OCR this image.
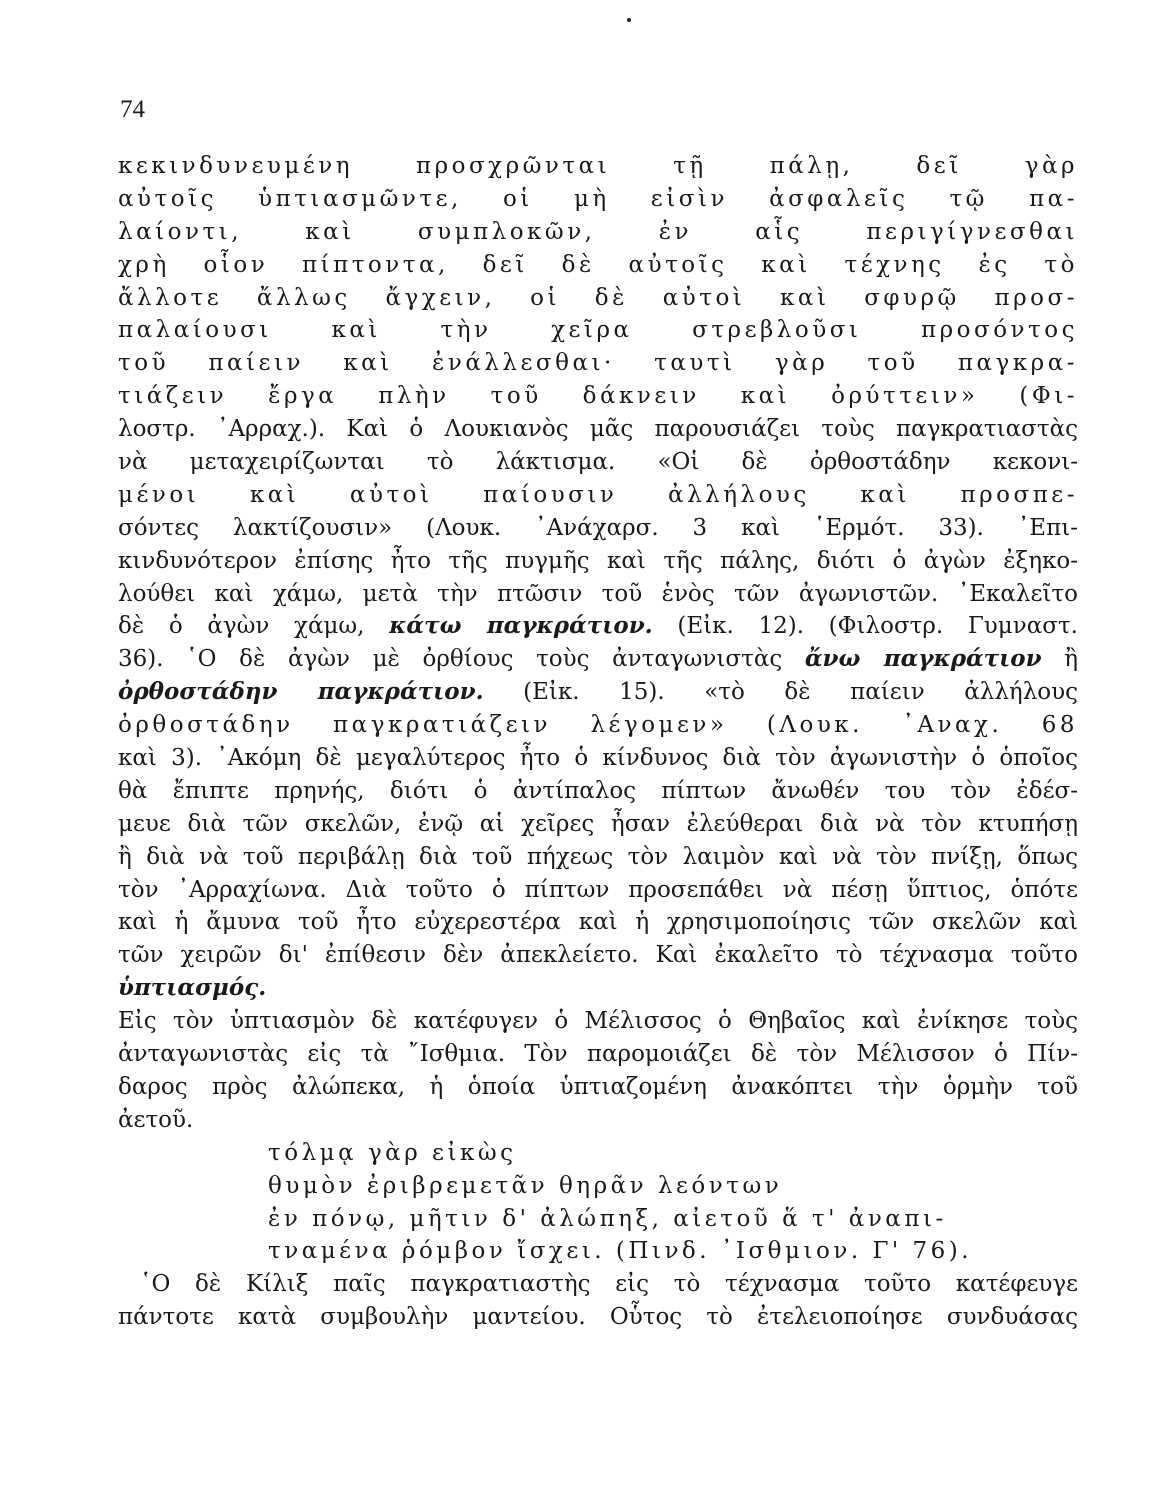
74
κεκινδυνευμένη προσχρῶνται τῇ πάλῃ, δεῖ γὰρ
αὐτοῖς ὑπτιασμῶντε, οἱ μὴ εἰσὶν ἀσφαλεῖς τῷ πα-
λαίοντι, καὶ συμπλοκῶν, ἐν αἷς περιγίγνεσθαι
χρὴ οἷον πίπτοντα, δεῖ δὲ αὐτοῖς καὶ τέχνης ἐς τὸ
ἄλλοτε ἄλλως ἄγχειν, οἱ δὲ αὐτοὶ καὶ σφυρῷ προσ-
παλαίουσι καὶ τὴν χεῖρα στρεβλοῦσι προσόντος
τοῦ παίειν καὶ ἐνάλλεσθαι· ταυτὶ γὰρ τοῦ παγκρα-
τιάζειν ἔργα πλὴν τοῦ δάκνειν καὶ ὀρύττειν» (Φι-
λοστρ. ᾿Αρραχ.). Καὶ ὁ Λουκιανὸς μᾶς παρουσιάζει τοὺς παγκρατιαστὰς
νὰ μεταχειρίζωνται τὸ λάκτισμα. «Οἱ δὲ ὀρθοστάδην κεκονι-
μένοι καὶ αὐτοὶ παίουσιν ἀλλήλους καὶ προσπε-
σόντες λακτίζουσιν» (Λουκ. ᾿Ανάχαρσ. 3 καὶ ῾Ερμότ. 33). ᾿Επι-
κινδυνότερον ἐπίσης ἦτο τῆς πυγμῆς καὶ τῆς πάλης, διότι ὁ ἀγὼν ἐξηκο-
λούθει καὶ χάμω, μετὰ τὴν πτῶσιν τοῦ ἑνὸς τῶν ἀγωνιστῶν. ᾿Εκαλεῖτο
δὲ ὁ ἀγὼν χάμω, κάτω παγκράτιον. (Εἰκ. 12). (Φιλοστρ. Γυμναστ.
36). ῾Ο δὲ ἀγὼν μὲ ὀρθίους τοὺς ἀνταγωνιστὰς ἄνω παγκράτιον ἢ
ὀρθοστάδην παγκράτιον. (Εἰκ. 15). «τὸ δὲ παίειν ἀλλήλους
ὀρθοστάδην παγκρατιάζειν λέγομεν» (Λουκ. ᾿Αναχ. 68
καὶ 3). ᾿Ακόμη δὲ μεγαλύτερος ἦτο ὁ κίνδυνος διὰ τὸν ἀγωνιστὴν ὁ ὁποῖος
θὰ ἔπιπτε πρηνής, διότι ὁ ἀντίπαλος πίπτων ἄνωθέν του τὸν ἐδέσ-
μευε διὰ τῶν σκελῶν, ἐνῷ αἱ χεῖρες ἦσαν ἐλεύθεραι διὰ νὰ τὸν κτυπήσῃ
ἢ διὰ νὰ τοῦ περιβάλῃ διὰ τοῦ πήχεως τὸν λαιμὸν καὶ νὰ τὸν πνίξῃ, ὅπως
τὸν ᾿Αρραχίωνα. Διὰ τοῦτο ὁ πίπτων προσεπάθει νὰ πέσῃ ὕπτιος, ὁπότε
καὶ ἡ ἄμυνα τοῦ ἦτο εὐχερεστέρα καὶ ἡ χρησιμοποίησις τῶν σκελῶν καὶ
τῶν χειρῶν δι' ἐπίθεσιν δὲν ἀπεκλείετο. Καὶ ἐκαλεῖτο τὸ τέχνασμα τοῦτο
ὑπτιασμός.
Εἰς τὸν ὑπτιασμὸν δὲ κατέφυγεν ὁ Μέλισσος ὁ Θηβαῖος καὶ ἐνίκησε τοὺς
ἀνταγωνιστὰς εἰς τὰ ῎Ισθμια. Τὸν παρομοιάζει δὲ τὸν Μέλισσον ὁ Πίν-
δαρος πρὸς ἀλώπεκα, ἡ ὁποία ὑπτιαζομένη ἀνακόπτει τὴν ὁρμὴν τοῦ
ἀετοῦ.
τόλμᾳ γὰρ εἰκὼς
θυμὸν ἐριβρεμετᾶν θηρᾶν λεόντων
ἐν πόνῳ, μῆτιν δ' ἀλώπηξ, αἰετοῦ ἅ τ' ἀναπι-
τναμένα ῥόμβον ἴσχει. (Πινδ. ᾿Ισθμιον. Γ' 76).
῾Ο δὲ Κίλιξ παῖς παγκρατιαστὴς εἰς τὸ τέχνασμα τοῦτο κατέφευγε
πάντοτε κατὰ συμβουλὴν μαντείου. Οὗτος τὸ ἐτελειοποίησε συνδυάσας
